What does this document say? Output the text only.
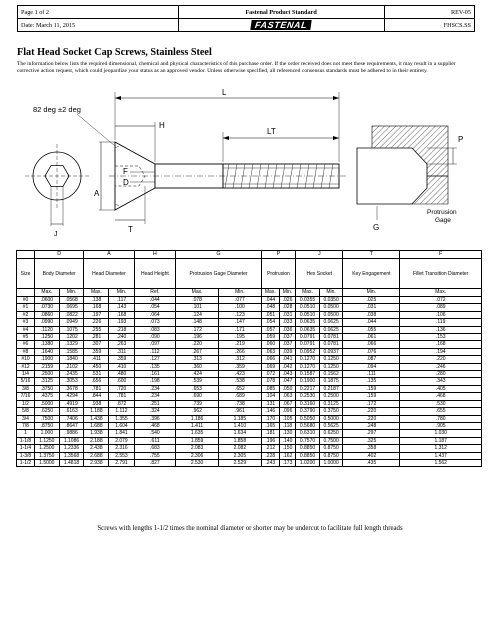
Page 1 of 2	Fastenal Product Standard	REV-05
Date: March 11, 2015	FASTENAL	FHSCS.SS
Flat Head Socket Cap Screws, Stainless Steel

The information below lists the required dimensional, chemical and physical characteristics of this purchase order. If the order received does not meet these requirements, it may result in a supplier corrective action request, which could jeopardize your status as an approved vendor. Unless otherwise specified, all referenced consensus standards must be adhered to in their entirety.

J
82 deg ±2 deg
L
H
LT
A
F
D
T
P
G
Protrusion
Gage
	D		A		H	G		P		J		T	F
Size	Body Diameter		Head Diameter		Head Height	Protrusion Gage Diameter		Protrusion		Hex Socket		Key Engagement	Fillet Transition Diameter
	Max.	Min.	Max.	Min.	Ref.	Max.	Min.	Max.	Min.	Max.	Min.	Min.	Max.
#0	.0600	.0568	.138	.117	.044	.078	.077	.044	.026	0.0355	0.0350	.025	.072
#1	.0730	.0695	.168	.143	.054	.101	.100	.048	.028	0.0510	0.0500	.031	.089
#2	.0860	.0822	.197	.168	.064	.124	.123	.051	.031	0.0510	0.0500	.038	.106
#3	.0990	.0949	.226	.193	.073	.148	.147	.054	.033	0.0635	0.0625	.044	.119
#4	.1120	.1075	.255	.218	.083	.172	.171	.057	.036	0.0635	0.0625	.055	.136
#5	.1250	.1202	.281	.240	.090	.196	.195	.059	.037	0.0791	0.0781	.061	.153
#6	.1380	.1329	.307	.263	.097	.220	.219	.060	.037	0.0791	0.0781	.066	.168
#8	.1640	.1585	.359	.311	.112	.267	.266	.063	.039	0.0952	0.0937	.076	.194
#10	.1900	.1840	.411	.359	.127	.313	.312	.066	.041	0.1270	0.1250	.087	.220
#12	.2159	.2102	.450	.410	.135	.360	.359	.069	.042	0.1270	0.1250	.094	.246
1/4	.2500	.2435	.531	.480	.161	.424	.423	.072	.043	0.1587	0.1562	.111	.280
5/16	.3125	.3053	.656	.600	.198	.539	.538	.078	.047	0.1900	0.1875	.135	.343
3/8	.3750	.3678	.781	.720	.234	.653	.652	.085	.050	0.2217	0.2187	.159	.405
7/16	.4375	.4294	.844	.781	.234	.690	.689	.104	.063	0.2530	0.2500	.159	.468
1/2	.5000	.4919	.938	.872	.251	.739	.738	.131	.067	0.3160	0.3125	.172	.530
5/8	.6250	.6163	1.188	1.112	.324	.962	.961	.146	.096	0.3790	0.3750	.220	.655
3/4	.7500	.7406	1.438	1.355	.396	1.186	1.185	.170	.105	0.5050	0.5000	.220	.780
7/8	.8750	.8647	1.688	1.604	.468	1.411	1.410	.165	.118	0.5680	0.5625	.248	.905
1	1.000	.9886	1.938	1.841	.540	1.635	1.634	.181	.130	0.6310	0.6250	.297	1.030
1-1/8	1.1250	1.1086	2.188	2.079	.611	1.859	1.858	.196	.140	0.7570	0.7500	.325	1.187
1-1/4	1.2500	1.2336	2.438	2.316	.683	2.083	2.082	.212	.150	0.8850	0.8750	.358	1.312
1-3/8	1.3750	1.3568	2.688	2.553	.755	2.306	2.305	.228	.162	0.8850	0.8750	.402	1.437
1-1/2	1.5000	1.4818	2.938	2.791	.827	2.530	2.529	.243	.173	1.0200	1.0000	.435	1.562

Screws with lengths 1-1/2 times the nominal diameter or shorter may be undercut to facilitate full length threads
